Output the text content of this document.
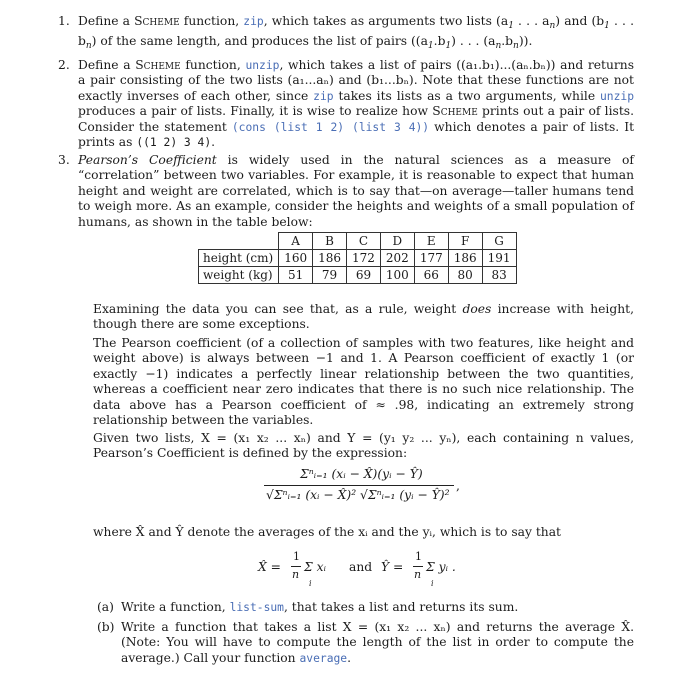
1. Define a Scheme function, zip, which takes as arguments two lists ($a_1$ . . . $a_n$) and ($b_1$ . . . $b_n$) of the same length, and produces the list of pairs ($(a_1.b_1)$ . . . $(a_n.b_n)$).

2. Define a Scheme function, unzip, which takes a list of pairs ((a₁.b₁)...(aₙ.bₙ)) and returns a pair consisting of the two lists (a₁...aₙ) and (b₁...bₙ). Note that these functions are not exactly inverses of each other, since zip takes its lists as a two arguments, while unzip produces a pair of lists. Finally, it is wise to realize how Scheme prints out a pair of lists. Consider the statement (cons (list 1 2) (list 3 4)) which denotes a pair of lists. It prints as ((1 2) 3 4).

3. Pearson’s Coefficient is widely used in the natural sciences as a measure of “correlation” between two variables. For example, it is reasonable to expect that human height and weight are correlated, which is to say that—on average—taller humans tend to weigh more. As an example, consider the heights and weights of a small population of humans, as shown in the table below:

	A	B	C	D	E	F	G
height (cm)	160	186	172	202	177	186	191
weight (kg)	51	79	69	100	66	80	83

Examining the data you can see that, as a rule, weight does increase with height, though there are some exceptions.

The Pearson coefficient (of a collection of samples with two features, like height and weight above) is always between −1 and 1. A Pearson coefficient of exactly 1 (or exactly −1) indicates a perfectly linear relationship between the two quantities, whereas a coefficient near zero indicates that there is no such nice relationship. The data above has a Pearson coefficient of ≈ .98, indicating an extremely strong relationship between the variables.

Given two lists, X = (x₁ x₂ ... xₙ) and Y = (y₁ y₂ ... yₙ), each containing n values, Pearson’s Coefficient is defined by the expression:

Σⁿᵢ₌₁ (xᵢ − X̂)(yᵢ − Ŷ)
√Σⁿᵢ₌₁ (xᵢ − X̂)² √Σⁿᵢ₌₁ (yᵢ − Ŷ)²
,

where X̂ and Ŷ denote the averages of the xᵢ and the yᵢ, which is to say that

X̂ =
1
n
Σ xᵢ
i
and Ŷ =
1
n
Σ yᵢ .
i

(a) Write a function, list-sum, that takes a list and returns its sum.

(b) Write a function that takes a list X = (x₁ x₂ ... xₙ) and returns the average X̂. (Note: You will have to compute the length of the list in order to compute the average.) Call your function average.
